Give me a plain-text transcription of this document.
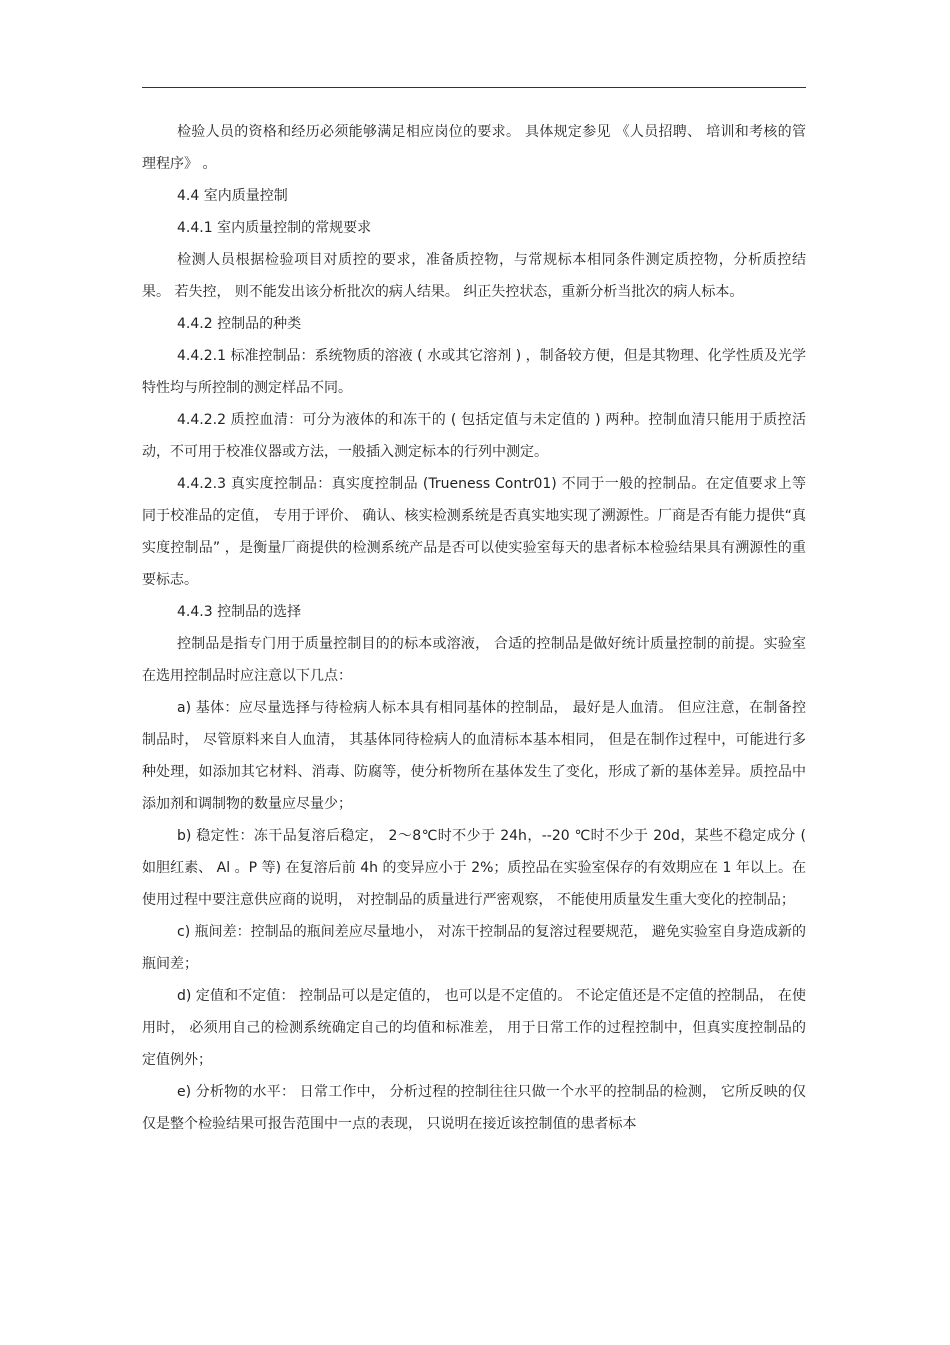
检验人员的资格和经历必须能够满足相应岗位的要求。 具体规定参见 《人员招聘、 培训和考核的管理程序》 。

4.4 室内质量控制

4.4.1 室内质量控制的常规要求

检测人员根据检验项目对质控的要求，准备质控物，与常规标本相同条件测定质控物，分析质控结果。 若失控， 则不能发出该分析批次的病人结果。 纠正失控状态，重新分析当批次的病人标本。

4.4.2 控制品的种类

4.4.2.1 标准控制品：系统物质的溶液 ( 水或其它溶剂 ) ，制备较方便，但是其物理、化学性质及光学特性均与所控制的测定样品不同。

4.4.2.2 质控血清：可分为液体的和冻干的 ( 包括定值与未定值的 ) 两种。控制血清只能用于质控活动，不可用于校准仪器或方法，一般插入测定标本的行列中测定。

4.4.2.3 真实度控制品：真实度控制品 (Trueness Contr01) 不同于一般的控制品。在定值要求上等同于校准品的定值， 专用于评价、 确认、核实检测系统是否真实地实现了溯源性。厂商是否有能力提供“真实度控制品” ，是衡量厂商提供的检测系统产品是否可以使实验室每天的患者标本检验结果具有溯源性的重要标志。

4.4.3 控制品的选择

控制品是指专门用于质量控制目的的标本或溶液， 合适的控制品是做好统计质量控制的前提。实验室在选用控制品时应注意以下几点：

a) 基体：应尽量选择与待检病人标本具有相同基体的控制品， 最好是人血清。 但应注意，在制备控制品时， 尽管原料来自人血清， 其基体同待检病人的血清标本基本相同， 但是在制作过程中，可能进行多种处理，如添加其它材料、消毒、防腐等，使分析物所在基体发生了变化，形成了新的基体差异。质控品中添加剂和调制物的数量应尽量少；

b) 稳定性：冻干品复溶后稳定， 2～8℃时不少于 24h，--20 ℃时不少于 20d，某些不稳定成分 ( 如胆红素、 Al 。P 等) 在复溶后前 4h 的变异应小于 2%；质控品在实验室保存的有效期应在 1 年以上。在使用过程中要注意供应商的说明， 对控制品的质量进行严密观察， 不能使用质量发生重大变化的控制品；

c) 瓶间差：控制品的瓶间差应尽量地小， 对冻干控制品的复溶过程要规范， 避免实验室自身造成新的瓶间差；

d) 定值和不定值： 控制品可以是定值的， 也可以是不定值的。 不论定值还是不定值的控制品， 在使用时， 必须用自己的检测系统确定自己的均值和标准差， 用于日常工作的过程控制中，但真实度控制品的定值例外；

e) 分析物的水平： 日常工作中， 分析过程的控制往往只做一个水平的控制品的检测， 它所反映的仅仅是整个检验结果可报告范围中一点的表现， 只说明在接近该控制值的患者标本
